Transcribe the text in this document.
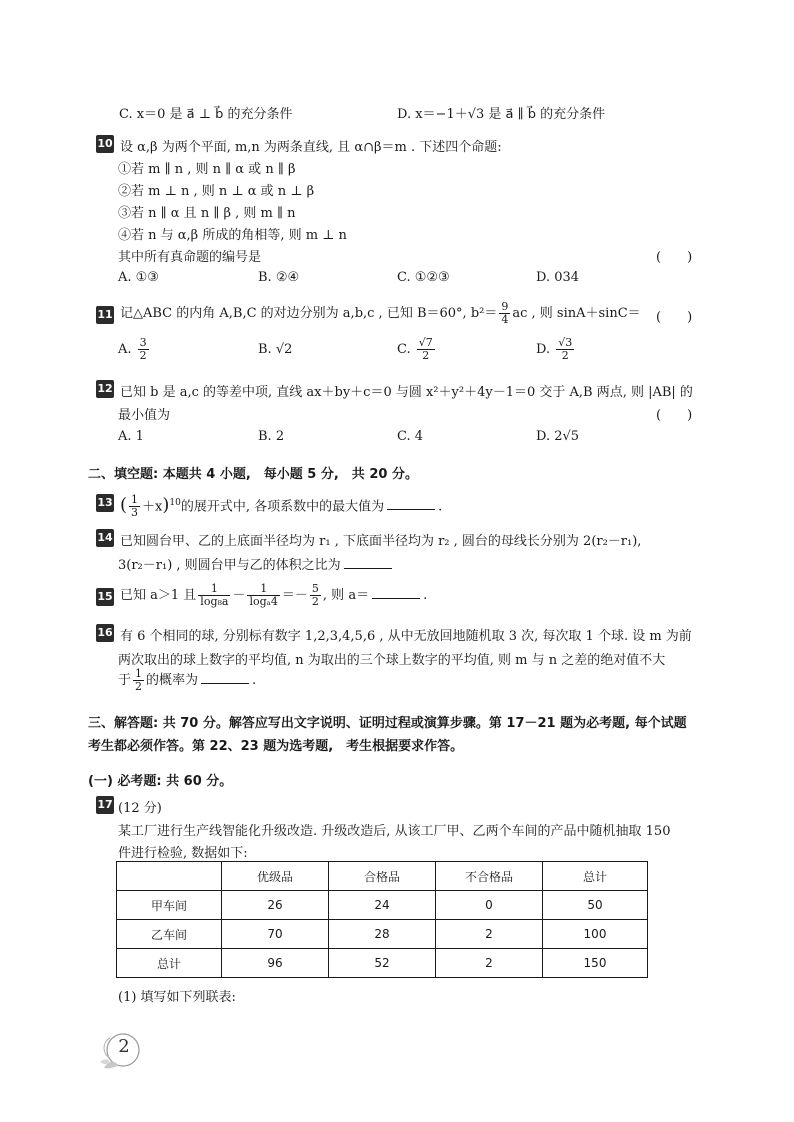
C. x＝0 是 a⃗ ⊥ b⃗ 的充分条件	D. x＝−1＋√3 是 a⃗ ∥ b⃗ 的充分条件
10 设 α,β 为两个平面, m,n 为两条直线, 且 α∩β＝m . 下述四个命题:
①若 m ∥ n , 则 n ∥ α 或 n ∥ β
②若 m ⊥ n , 则 n ⊥ α 或 n ⊥ β
③若 n ∥ α 且 n ∥ β , 则 m ∥ n
④若 n 与 α,β 所成的角相等, 则 m ⊥ n
其中所有真命题的编号是	(　　)
A. ①③	B. ②④	C. ①②③	D. 034
11 记△ABC 的内角 A,B,C 的对边分别为 a,b,c , 已知 B＝60°, $b^2= \frac{9}{4}$ ac , 则 sinA＋sinC＝ (　　)
A. $\frac{3}{2}$	B. √2	C. $\frac{√7}{2}$	D. $\frac{√3}{2}$
12 已知 b 是 a,c 的等差中项, 直线 ax＋by＋c＝0 与圆 x²＋y²＋4y－1＝0 交于 A,B 两点, 则 |AB| 的
最小值为	(　　)
A. 1	B. 2	C. 4	D. 2√5
二、填空题: 本题共 4 小题,　每小题 5 分,　共 20 分。
13 ( $\frac{1}{3} +x)^{10}$的展开式中, 各项系数中的最大值为	.
14 已知圆台甲、乙的上底面半径均为 r₁ , 下底面半径均为 r₂ , 圆台的母线长分别为 2(r₂－r₁),
3(r₂－r₁) , 则圆台甲与乙的体积之比为
15 已知 a＞1 且 $\frac{1}{\text{log₈a}} - \frac{1}{\text{logₐ4}} =- \frac{5}{2}$ , 则 a＝	.
16 有 6 个相同的球, 分别标有数字 1,2,3,4,5,6 , 从中无放回地随机取 3 次, 每次取 1 个球. 设 m 为前
两次取出的球上数字的平均值, n 为取出的三个球上数字的平均值, 则 m 与 n 之差的绝对值不大
于 $\frac{1}{2}$ 的概率为	.
三、解答题: 共 70 分。解答应写出文字说明、证明过程或演算步骤。第 17－21 题为必考题, 每个试题
考生都必须作答。第 22、23 题为选考题,　考生根据要求作答。
(一) 必考题: 共 60 分。
17 (12 分)
某工厂进行生产线智能化升级改造. 升级改造后, 从该工厂甲、乙两个车间的产品中随机抽取 150
件进行检验, 数据如下:
	优级品	合格品	不合格品	总计
甲车间	26	24	0	50
乙车间	70	28	2	100
总计	96	52	2	150
(1) 填写如下列联表:
2
